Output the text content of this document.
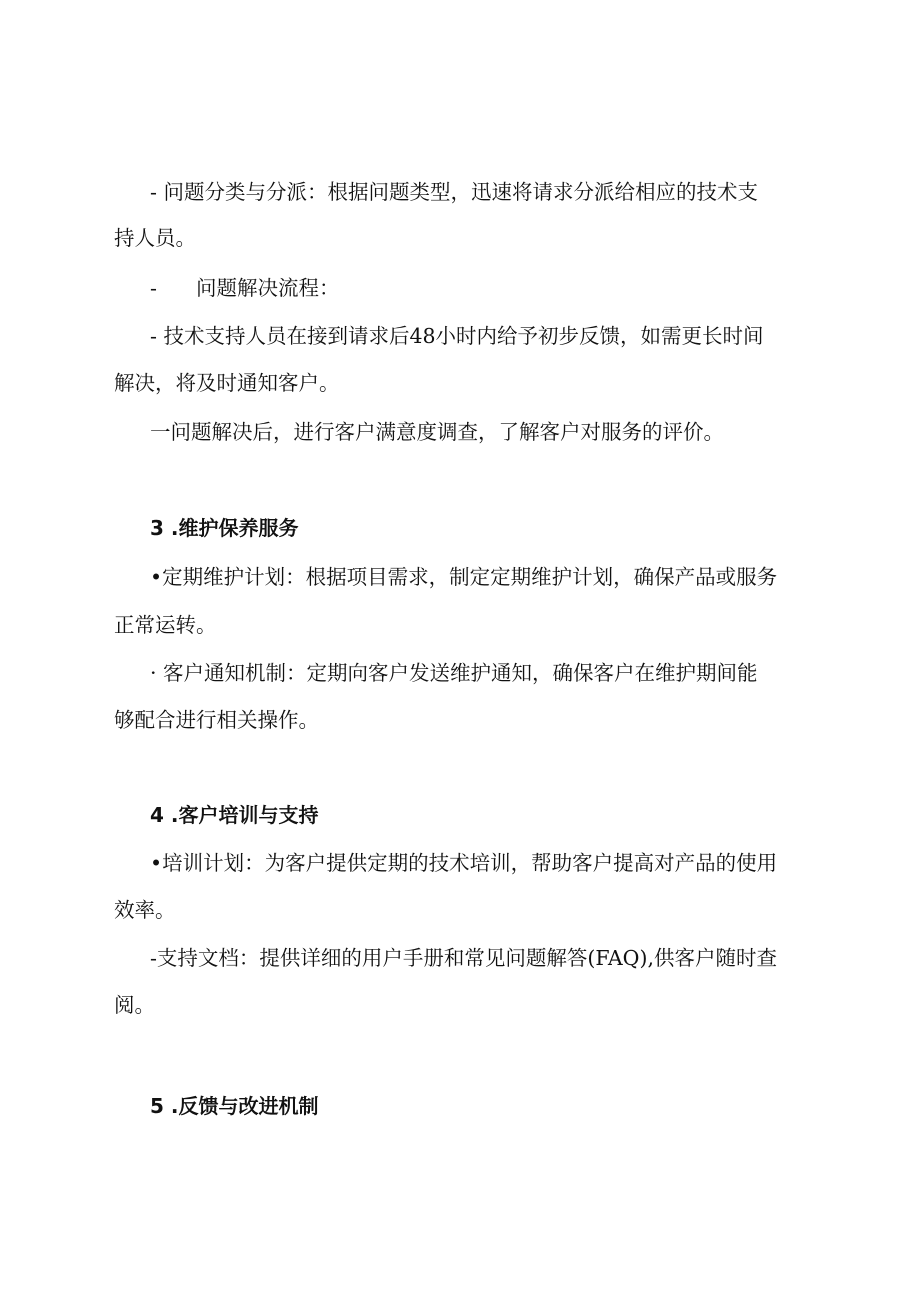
- 问题分类与分派：根据问题类型，迅速将请求分派给相应的技术支
持人员。
-      问题解决流程：
- 技术支持人员在接到请求后48小时内给予初步反馈，如需更长时间
解决，将及时通知客户。
一问题解决后，进行客户满意度调查，了解客户对服务的评价。
3 .维护保养服务
•定期维护计划：根据项目需求，制定定期维护计划，确保产品或服务
正常运转。
· 客户通知机制：定期向客户发送维护通知，确保客户在维护期间能
够配合进行相关操作。
4 .客户培训与支持
•培训计划：为客户提供定期的技术培训，帮助客户提高对产品的使用
效率。
-支持文档：提供详细的用户手册和常见问题解答(FAQ),供客户随时查
阅。
5 .反馈与改进机制
